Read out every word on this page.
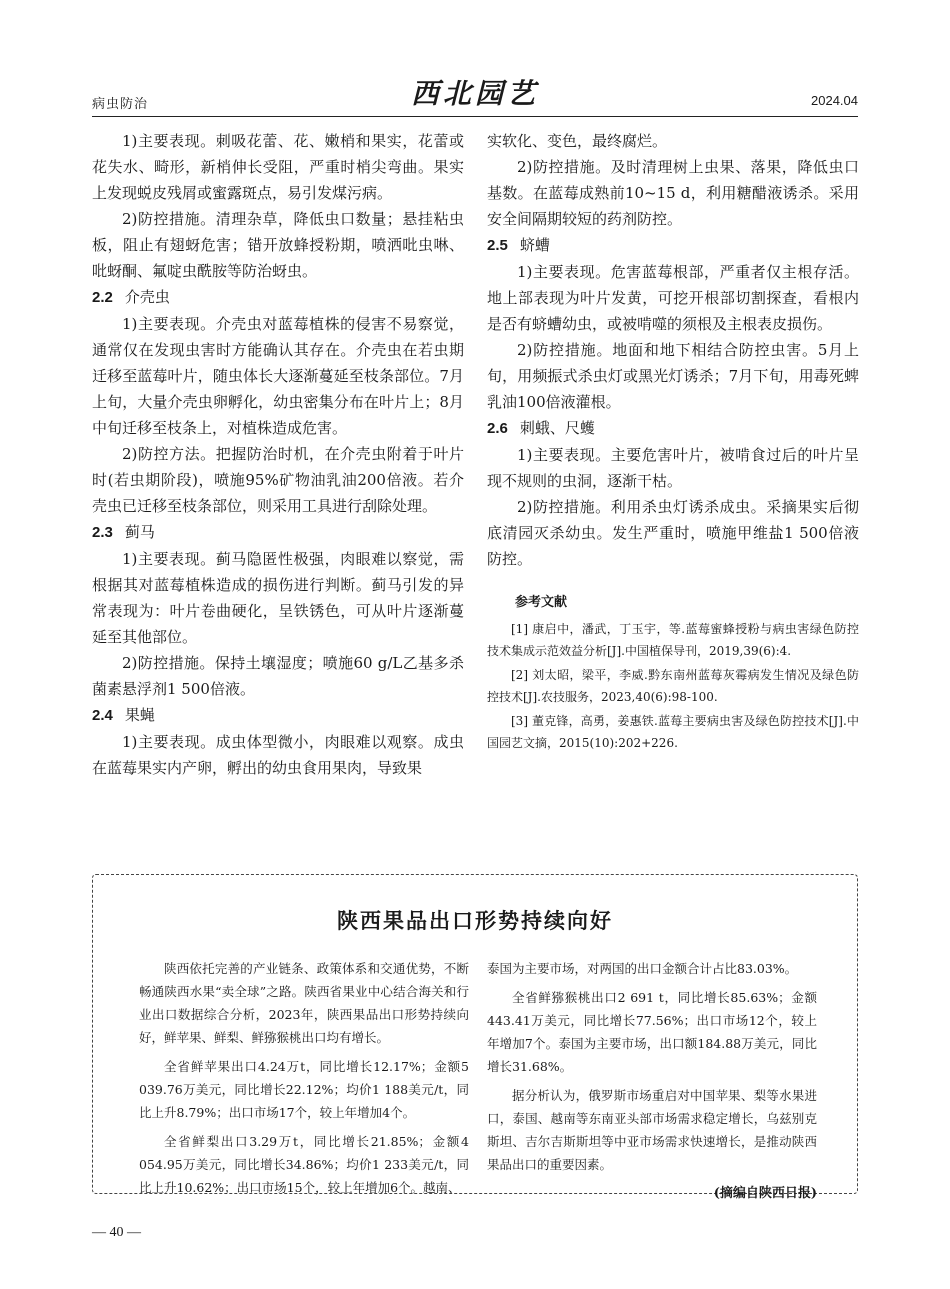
病虫防治	西北园艺	2024.04

1)主要表现。刺吸花蕾、花、嫩梢和果实，花蕾或花失水、畸形，新梢伸长受阻，严重时梢尖弯曲。果实上发现蜕皮残屑或蜜露斑点，易引发煤污病。

2)防控措施。清理杂草，降低虫口数量；悬挂粘虫板，阻止有翅蚜危害；错开放蜂授粉期，喷洒吡虫啉、吡蚜酮、氟啶虫酰胺等防治蚜虫。

2.2 介壳虫

1)主要表现。介壳虫对蓝莓植株的侵害不易察觉，通常仅在发现虫害时方能确认其存在。介壳虫在若虫期迁移至蓝莓叶片，随虫体长大逐渐蔓延至枝条部位。7月上旬，大量介壳虫卵孵化，幼虫密集分布在叶片上；8月中旬迁移至枝条上，对植株造成危害。

2)防控方法。把握防治时机，在介壳虫附着于叶片时(若虫期阶段)，喷施95%矿物油乳油200倍液。若介壳虫已迁移至枝条部位，则采用工具进行刮除处理。

2.3 蓟马

1)主要表现。蓟马隐匿性极强，肉眼难以察觉，需根据其对蓝莓植株造成的损伤进行判断。蓟马引发的异常表现为：叶片卷曲硬化，呈铁锈色，可从叶片逐渐蔓延至其他部位。

2)防控措施。保持土壤湿度；喷施60 g/L乙基多杀菌素悬浮剂1 500倍液。

2.4 果蝇

1)主要表现。成虫体型微小，肉眼难以观察。成虫在蓝莓果实内产卵，孵出的幼虫食用果肉，导致果

实软化、变色，最终腐烂。

2)防控措施。及时清理树上虫果、落果，降低虫口基数。在蓝莓成熟前10~15 d，利用糖醋液诱杀。采用安全间隔期较短的药剂防控。

2.5 蛴螬

1)主要表现。危害蓝莓根部，严重者仅主根存活。地上部表现为叶片发黄，可挖开根部切割探查，看根内是否有蛴螬幼虫，或被啃噬的须根及主根表皮损伤。

2)防控措施。地面和地下相结合防控虫害。5月上旬，用频振式杀虫灯或黑光灯诱杀；7月下旬，用毒死蜱乳油100倍液灌根。

2.6 刺蛾、尺蠖

1)主要表现。主要危害叶片，被啃食过后的叶片呈现不规则的虫洞，逐渐干枯。

2)防控措施。利用杀虫灯诱杀成虫。采摘果实后彻底清园灭杀幼虫。发生严重时，喷施甲维盐1 500倍液防控。

参考文献

[1] 康启中，潘武，丁玉宇，等.蓝莓蜜蜂授粉与病虫害绿色防控技术集成示范效益分析[J].中国植保导刊，2019,39(6):4.

[2] 刘太昭，梁平，李威.黔东南州蓝莓灰霉病发生情况及绿色防控技术[J].农技服务，2023,40(6):98-100.

[3] 董克锋，高勇，姜惠铁.蓝莓主要病虫害及绿色防控技术[J].中国园艺文摘，2015(10):202+226.

陕西果品出口形势持续向好

陕西依托完善的产业链条、政策体系和交通优势，不断畅通陕西水果“卖全球”之路。陕西省果业中心结合海关和行业出口数据综合分析，2023年，陕西果品出口形势持续向好，鲜苹果、鲜梨、鲜猕猴桃出口均有增长。

全省鲜苹果出口4.24万t，同比增长12.17%；金额5 039.76万美元，同比增长22.12%；均价1 188美元/t，同比上升8.79%；出口市场17个，较上年增加4个。

全省鲜梨出口3.29万t，同比增长21.85%；金额4 054.95万美元，同比增长34.86%；均价1 233美元/t，同比上升10.62%；出口市场15个，较上年增加6个。越南、

泰国为主要市场，对两国的出口金额合计占比83.03%。

全省鲜猕猴桃出口2 691 t，同比增长85.63%；金额443.41万美元，同比增长77.56%；出口市场12个，较上年增加7个。泰国为主要市场，出口额184.88万美元，同比增长31.68%。

据分析认为，俄罗斯市场重启对中国苹果、梨等水果进口，泰国、越南等东南亚头部市场需求稳定增长，乌兹别克斯坦、吉尔吉斯斯坦等中亚市场需求快速增长，是推动陕西果品出口的重要因素。

(摘编自陕西日报)
— 40 —
